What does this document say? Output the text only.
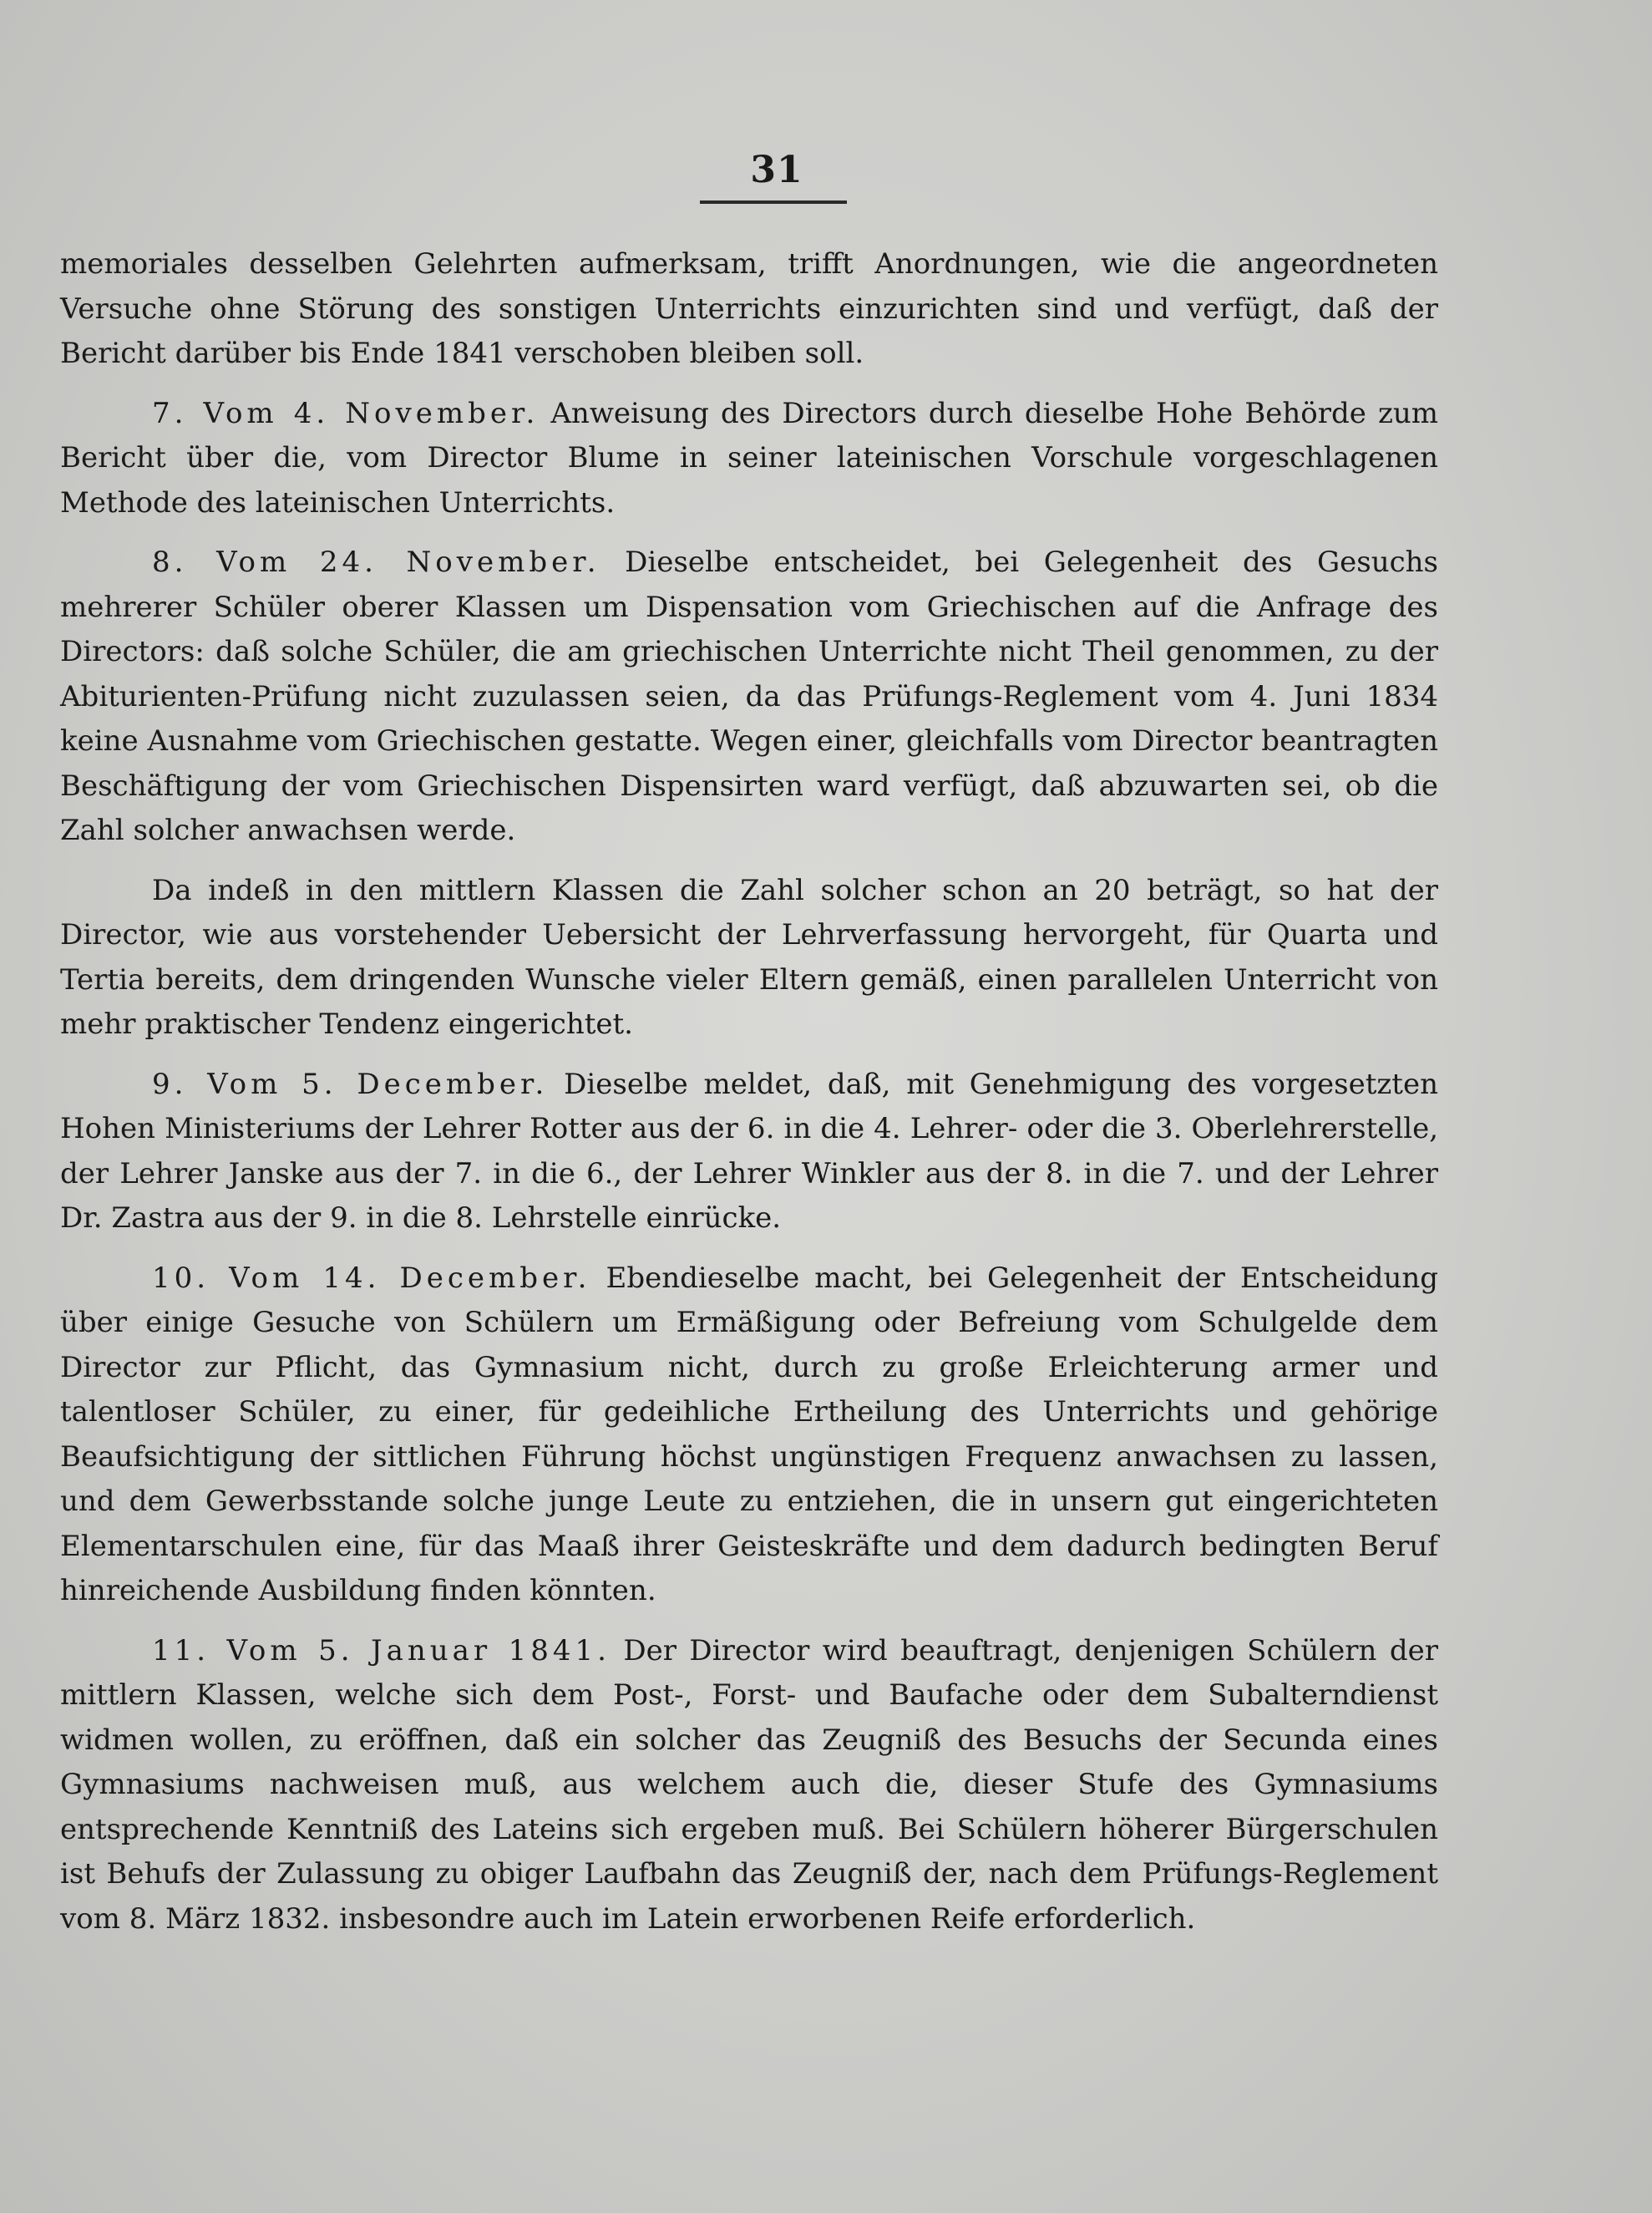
31

memoriales desselben Gelehrten aufmerksam, trifft Anordnungen, wie die angeordneten Versuche ohne Störung des sonstigen Unterrichts einzurichten sind und verfügt, daß der Bericht darüber bis Ende 1841 verschoben bleiben soll.

7. Vom 4. November. Anweisung des Directors durch dieselbe Hohe Behörde zum Bericht über die, vom Director Blume in seiner lateinischen Vorschule vorgeschlagenen Methode des lateinischen Unterrichts.

8. Vom 24. November. Dieselbe entscheidet, bei Gelegenheit des Gesuchs mehrerer Schüler oberer Klassen um Dispensation vom Griechischen auf die Anfrage des Directors: daß solche Schüler, die am griechischen Unterrichte nicht Theil genommen, zu der Abiturienten-Prüfung nicht zuzulassen seien, da das Prüfungs-Reglement vom 4. Juni 1834 keine Ausnahme vom Griechischen gestatte. Wegen einer, gleichfalls vom Director beantragten Beschäftigung der vom Griechischen Dispensirten ward verfügt, daß abzuwarten sei, ob die Zahl solcher anwachsen werde.

Da indeß in den mittlern Klassen die Zahl solcher schon an 20 beträgt, so hat der Director, wie aus vorstehender Uebersicht der Lehrverfassung hervorgeht, für Quarta und Tertia bereits, dem dringenden Wunsche vieler Eltern gemäß, einen parallelen Unterricht von mehr praktischer Tendenz eingerichtet.

9. Vom 5. December. Dieselbe meldet, daß, mit Genehmigung des vorgesetzten Hohen Ministeriums der Lehrer Rotter aus der 6. in die 4. Lehrer- oder die 3. Oberlehrerstelle, der Lehrer Janske aus der 7. in die 6., der Lehrer Winkler aus der 8. in die 7. und der Lehrer Dr. Zastra aus der 9. in die 8. Lehrstelle einrücke.

10. Vom 14. December. Ebendieselbe macht, bei Gelegenheit der Entscheidung über einige Gesuche von Schülern um Ermäßigung oder Befreiung vom Schulgelde dem Director zur Pflicht, das Gymnasium nicht, durch zu große Erleichterung armer und talentloser Schüler, zu einer, für gedeihliche Ertheilung des Unterrichts und gehörige Beaufsichtigung der sittlichen Führung höchst ungünstigen Frequenz anwachsen zu lassen, und dem Gewerbsstande solche junge Leute zu entziehen, die in unsern gut eingerichteten Elementarschulen eine, für das Maaß ihrer Geisteskräfte und dem dadurch bedingten Beruf hinreichende Ausbildung finden könnten.

11. Vom 5. Januar 1841. Der Director wird beauftragt, denjenigen Schülern der mittlern Klassen, welche sich dem Post-, Forst- und Baufache oder dem Subalterndienst widmen wollen, zu eröffnen, daß ein solcher das Zeugniß des Besuchs der Secunda eines Gymnasiums nachweisen muß, aus welchem auch die, dieser Stufe des Gymnasiums entsprechende Kenntniß des Lateins sich ergeben muß. Bei Schülern höherer Bürgerschulen ist Behufs der Zulassung zu obiger Laufbahn das Zeugniß der, nach dem Prüfungs-Reglement vom 8. März 1832. insbesondre auch im Latein erworbenen Reife erforderlich.
